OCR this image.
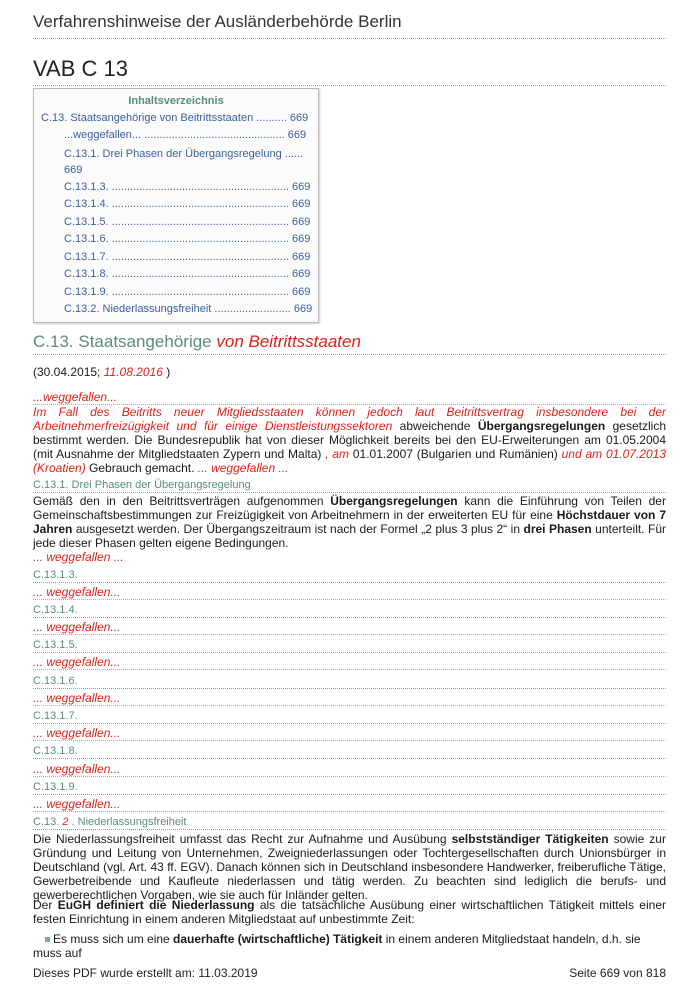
Verfahrenshinweise der Ausländerbehörde Berlin
VAB C 13
Inhaltsverzeichnis
C.13. Staatsangehörige von Beitrittsstaaten .......... 669
...weggefallen... .............................................. 669
C.13.1. Drei Phasen der Übergangsregelung ...... 669
C.13.1.3. .......................................................... 669
C.13.1.4. .......................................................... 669
C.13.1.5. .......................................................... 669
C.13.1.6. .......................................................... 669
C.13.1.7. .......................................................... 669
C.13.1.8. .......................................................... 669
C.13.1.9. .......................................................... 669
C.13.2. Niederlassungsfreiheit ......................... 669
C.13. Staatsangehörige von Beitrittsstaaten
(30.04.2015; 11.08.2016 )
...weggefallen...
Im Fall des Beitritts neuer Mitgliedsstaaten können jedoch laut Beitrittsvertrag insbesondere bei der Arbeitnehmerfreizügigkeit und für einige Dienstleistungssektoren abweichende Übergangsregelungen gesetzlich bestimmt werden. Die Bundesrepublik hat von dieser Möglichkeit bereits bei den EU-Erweiterungen am 01.05.2004 (mit Ausnahme der Mitgliedstaaten Zypern und Malta) , am 01.01.2007 (Bulgarien und Rumänien) und am 01.07.2013 (Kroatien) Gebrauch gemacht. ... weggefallen ...
C.13.1. Drei Phasen der Übergangsregelung
Gemäß den in den Beitrittsverträgen aufgenommen Übergangsregelungen kann die Einführung von Teilen der Gemeinschaftsbestimmungen zur Freizügigkeit von Arbeitnehmern in der erweiterten EU für eine Höchstdauer von 7 Jahren ausgesetzt werden. Der Übergangszeitraum ist nach der Formel „2 plus 3 plus 2“ in drei Phasen unterteilt. Für jede dieser Phasen gelten eigene Bedingungen.
... weggefallen ...
C.13.1.3.
... weggefallen...
C.13.1.4.
... weggefallen...
C.13.1.5.
... weggefallen...
C.13.1.6.
... weggefallen...
C.13.1.7.
... weggefallen...
C.13.1.8.
... weggefallen...
C.13.1.9.
... weggefallen...
C.13. 2 . Niederlassungsfreiheit
Die Niederlassungsfreiheit umfasst das Recht zur Aufnahme und Ausübung selbstständiger Tätigkeiten sowie zur Gründung und Leitung von Unternehmen, Zweigniederlassungen oder Tochtergesellschaften durch Unionsbürger in Deutschland (vgl. Art. 43 ff. EGV). Danach können sich in Deutschland insbesondere Handwerker, freiberufliche Tätige, Gewerbetreibende und Kaufleute niederlassen und tätig werden. Zu beachten sind lediglich die berufs- und gewerberechtlichen Vorgaben, wie sie auch für Inländer gelten.
Der EuGH definiert die Niederlassung als die tatsächliche Ausübung einer wirtschaftlichen Tätigkeit mittels einer festen Einrichtung in einem anderen Mitgliedstaat auf unbestimmte Zeit:
Es muss sich um eine dauerhafte (wirtschaftliche) Tätigkeit in einem anderen Mitgliedstaat handeln, d.h. sie muss auf
Dieses PDF wurde erstellt am: 11.03.2019	Seite 669 von 818
